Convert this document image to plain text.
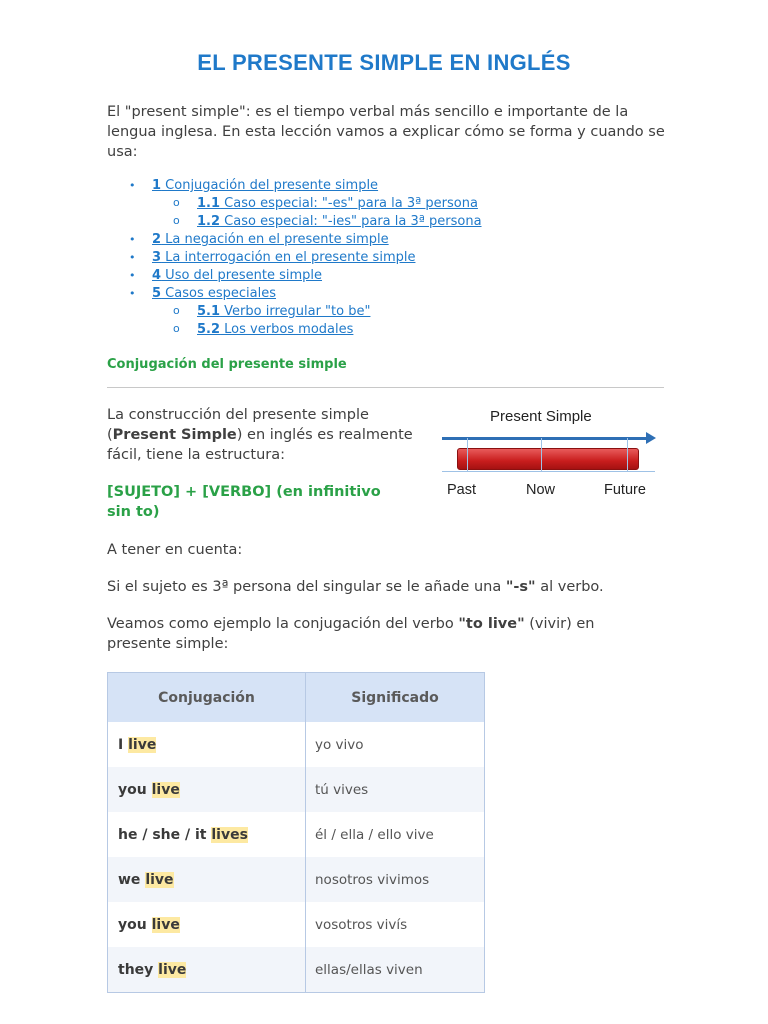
EL PRESENTE SIMPLE EN INGLÉS
El "present simple": es el tiempo verbal más sencillo e importante de la lengua inglesa. En esta lección vamos a explicar cómo se forma y cuando se usa:
• 1 Conjugación del presente simple
o 1.1 Caso especial: "-es" para la 3ª persona
o 1.2 Caso especial: "-ies" para la 3ª persona
• 2 La negación en el presente simple
• 3 La interrogación en el presente simple
• 4 Uso del presente simple
• 5 Casos especiales
o 5.1 Verbo irregular "to be"
o 5.2 Los verbos modales
Conjugación del presente simple
La construcción del presente simple (Present Simple) en inglés es realmente fácil, tiene la estructura:
[SUJETO] + [VERBO] (en infinitivo sin to)
Present Simple
Past	Now	Future
A tener en cuenta:
Si el sujeto es 3ª persona del singular se le añade una "-s" al verbo.
Veamos como ejemplo la conjugación del verbo "to live" (vivir) en presente simple:
Conjugación	Significado
I live	yo vivo
you live	tú vives
he / she / it lives	él / ella / ello vive
we live	nosotros vivimos
you live	vosotros vivís
they live	ellas/ellas viven
